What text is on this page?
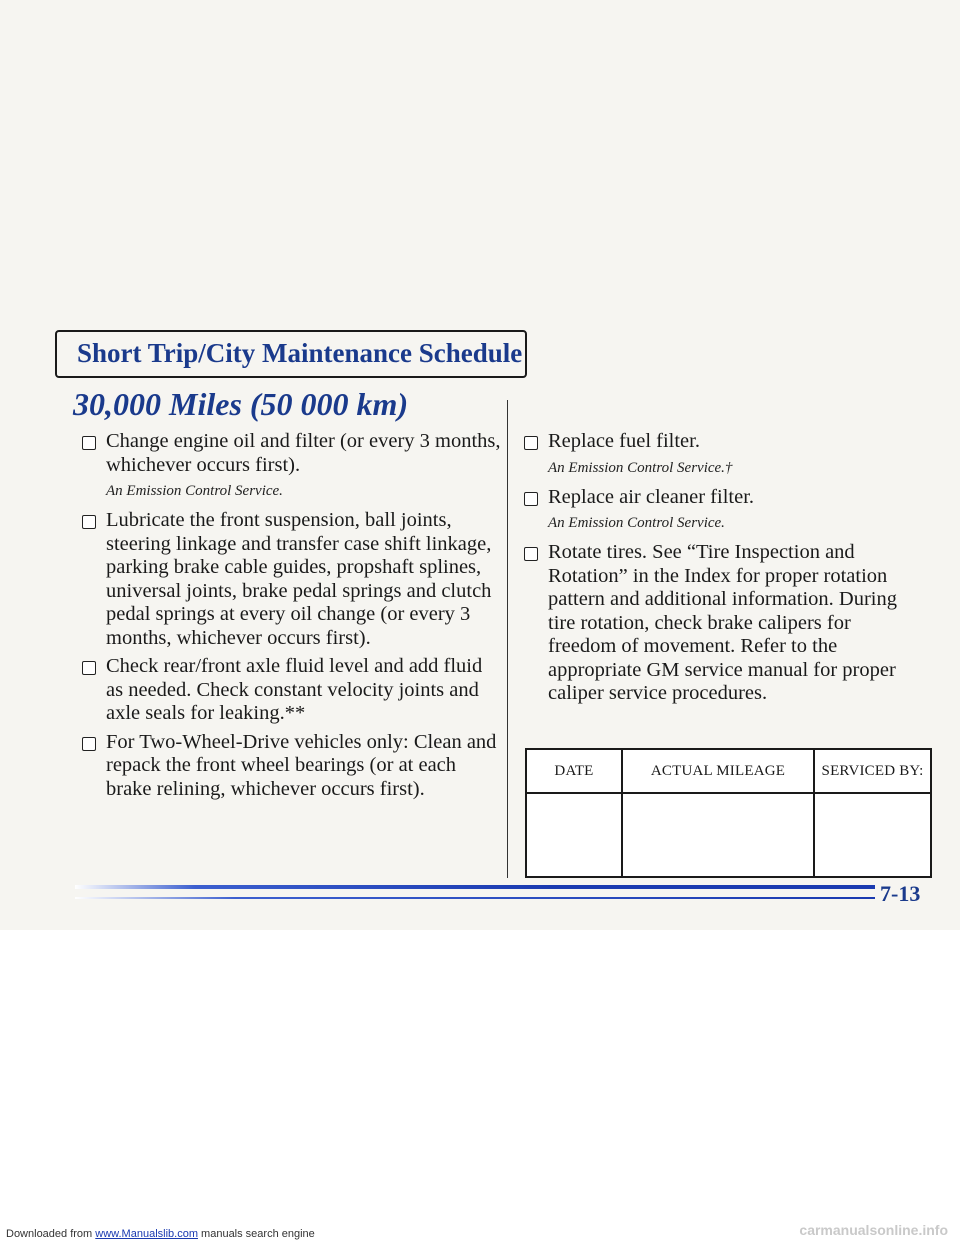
Short Trip/City Maintenance Schedule
30,000 Miles (50 000 km)
Change engine oil and filter (or every 3 months, whichever occurs first).
An Emission Control Service.
Lubricate the front suspension, ball joints, steering linkage and transfer case shift linkage, parking brake cable guides, propshaft splines, universal joints, brake pedal springs and clutch pedal springs at every oil change (or every 3 months, whichever occurs first).
Check rear/front axle fluid level and add fluid as needed. Check constant velocity joints and axle seals for leaking.**
For Two-Wheel-Drive vehicles only: Clean and repack the front wheel bearings (or at each brake relining, whichever occurs first).
Replace fuel filter.
An Emission Control Service.†
Replace air cleaner filter.
An Emission Control Service.
Rotate tires. See “Tire Inspection and Rotation” in the Index for proper rotation pattern and additional information. During tire rotation, check brake calipers for freedom of movement. Refer to the appropriate GM service manual for proper caliper service procedures.
DATE	ACTUAL MILEAGE	SERVICED BY:

7-13
Downloaded from www.Manualslib.com manuals search engine	carmanualsonline.info
